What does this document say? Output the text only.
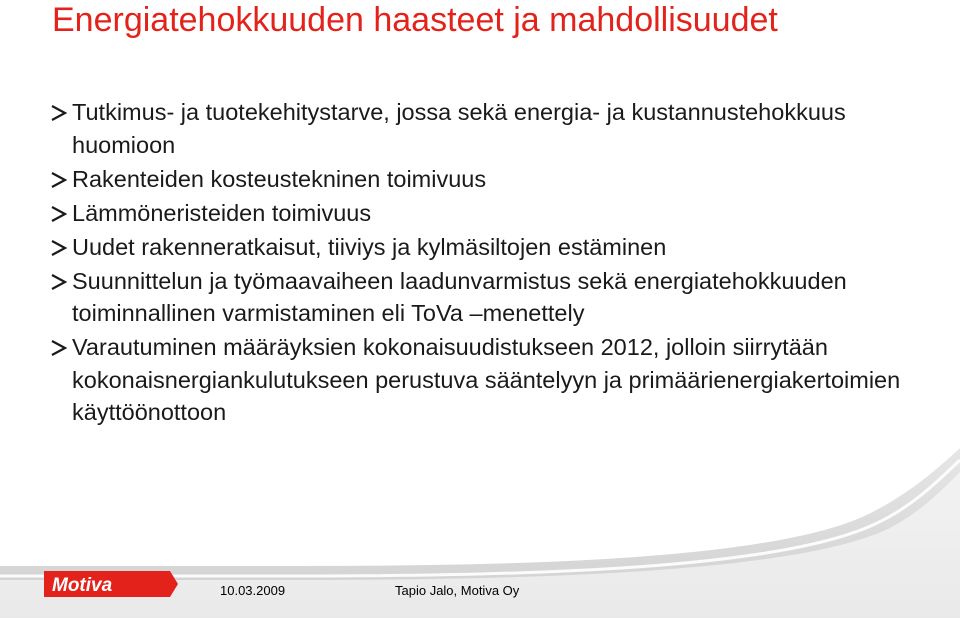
Energiatehokkuuden haasteet ja mahdollisuudet
Tutkimus- ja tuotekehitystarve, jossa sekä energia- ja kustannustehokkuus huomioon
Rakenteiden kosteustekninen toimivuus
Lämmöneristeiden toimivuus
Uudet rakenneratkaisut, tiiviys ja kylmäsiltojen estäminen
Suunnittelun ja työmaavaiheen laadunvarmistus sekä energiatehokkuuden toiminnallinen varmistaminen eli ToVa –menettely
Varautuminen määräyksien kokonaisuudistukseen 2012, jolloin siirrytään kokonaisnergiankulutukseen perustuva sääntelyyn ja primäärienergiakertoimien käyttöönottoon
Motiva	10.03.2009	Tapio Jalo, Motiva Oy
